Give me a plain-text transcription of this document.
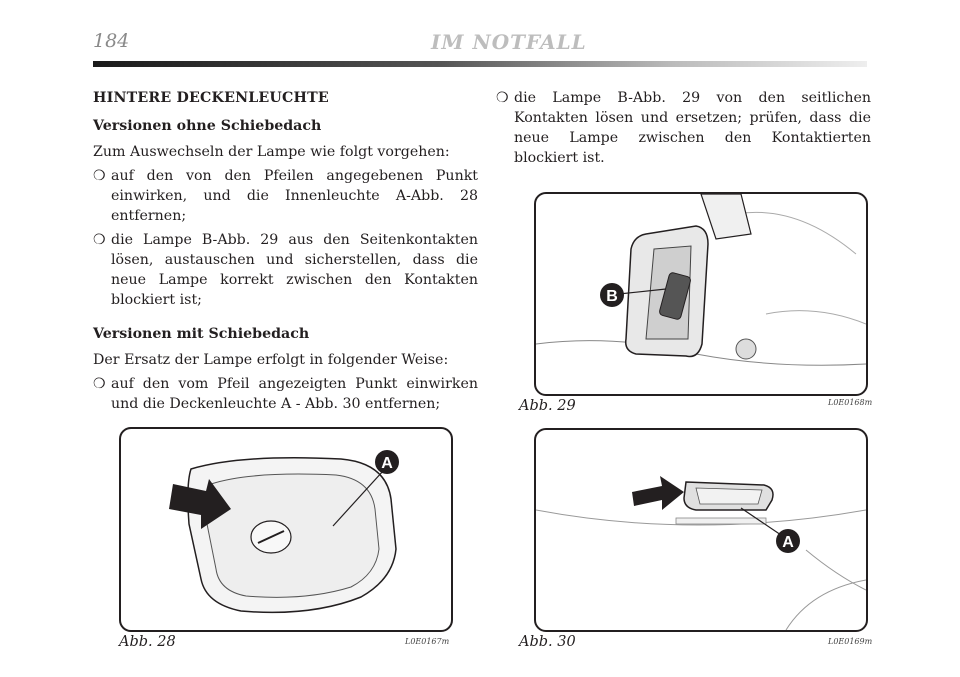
184	IM NOTFALL
HINTERE DECKENLEUCHTE
Versionen ohne Schiebedach
Zum Auswechseln der Lampe wie folgt vorgehen:
❍ auf den von den Pfeilen angegebenen Punkt einwirken, und die Innenleuchte A-Abb. 28 entfernen;
❍ die Lampe B-Abb. 29 aus den Seitenkontakten lösen, austauschen und sicherstellen, dass die neue Lampe korrekt zwischen den Kontakten blockiert ist;
Versionen mit Schiebedach
Der Ersatz der Lampe erfolgt in folgender Weise:
❍ auf den vom Pfeil angezeigten Punkt einwirken und die Deckenleuchte A - Abb. 30 entfernen;
❍ die Lampe B-Abb. 29 von den seitlichen Kontakten lösen und ersetzen; prüfen, dass die neue Lampe zwischen den Kontaktierten blockiert ist.
A
Abb. 28	L0E0167m
B
Abb. 29	L0E0168m
A
Abb. 30	L0E0169m
